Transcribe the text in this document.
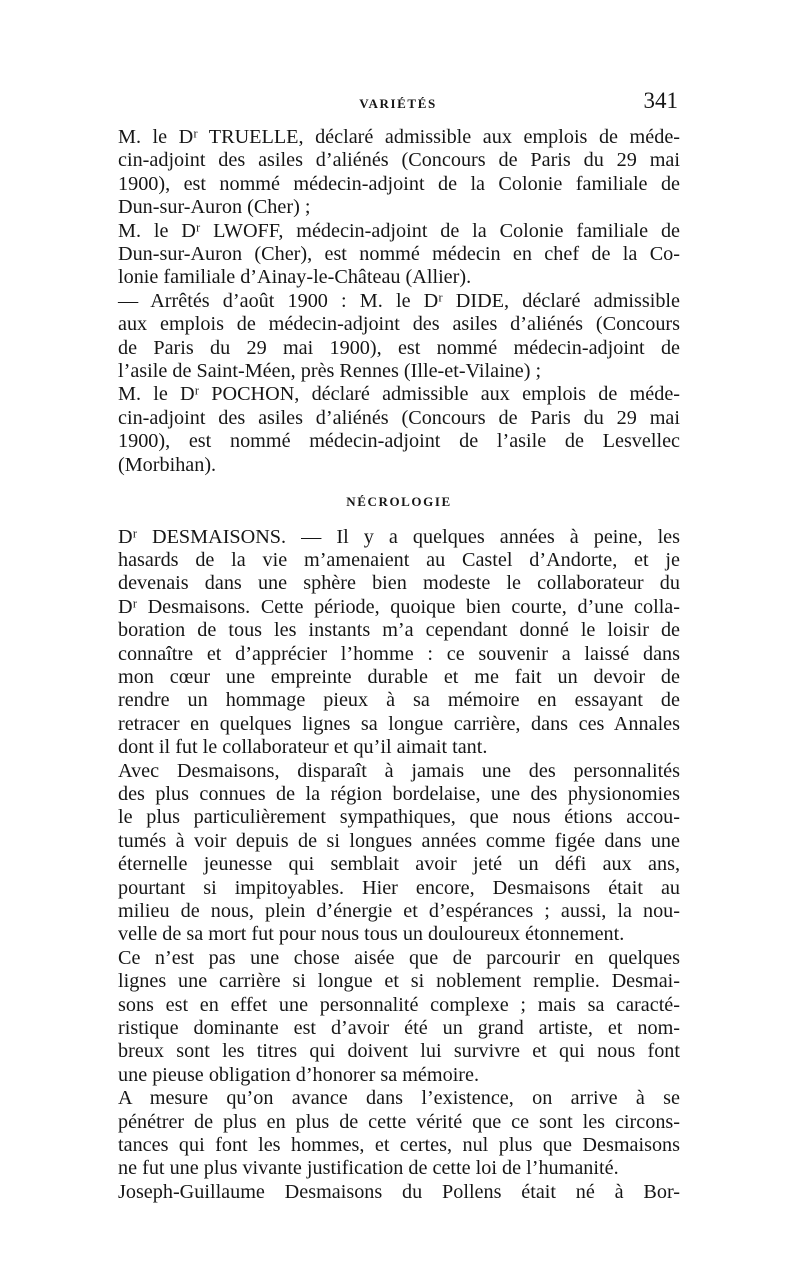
VARIÉTÉS	341
M. le Dʳ TRUELLE, déclaré admissible aux emplois de méde-
cin-adjoint des asiles d’aliénés (Concours de Paris du 29 mai
1900), est nommé médecin-adjoint de la Colonie familiale de
Dun-sur-Auron (Cher) ;
M. le Dʳ LWOFF, médecin-adjoint de la Colonie familiale de
Dun-sur-Auron (Cher), est nommé médecin en chef de la Co-
lonie familiale d’Ainay-le-Château (Allier).
— Arrêtés d’août 1900 : M. le Dʳ DIDE, déclaré admissible
aux emplois de médecin-adjoint des asiles d’aliénés (Concours
de Paris du 29 mai 1900), est nommé médecin-adjoint de
l’asile de Saint-Méen, près Rennes (Ille-et-Vilaine) ;
M. le Dʳ POCHON, déclaré admissible aux emplois de méde-
cin-adjoint des asiles d’aliénés (Concours de Paris du 29 mai
1900), est nommé médecin-adjoint de l’asile de Lesvellec
(Morbihan).
NÉCROLOGIE
Dʳ DESMAISONS. — Il y a quelques années à peine, les
hasards de la vie m’amenaient au Castel d’Andorte, et je
devenais dans une sphère bien modeste le collaborateur du
Dʳ Desmaisons. Cette période, quoique bien courte, d’une colla-
boration de tous les instants m’a cependant donné le loisir de
connaître et d’apprécier l’homme : ce souvenir a laissé dans
mon cœur une empreinte durable et me fait un devoir de
rendre un hommage pieux à sa mémoire en essayant de
retracer en quelques lignes sa longue carrière, dans ces Annales
dont il fut le collaborateur et qu’il aimait tant.
Avec Desmaisons, disparaît à jamais une des personnalités
des plus connues de la région bordelaise, une des physionomies
le plus particulièrement sympathiques, que nous étions accou-
tumés à voir depuis de si longues années comme figée dans une
éternelle jeunesse qui semblait avoir jeté un défi aux ans,
pourtant si impitoyables. Hier encore, Desmaisons était au
milieu de nous, plein d’énergie et d’espérances ; aussi, la nou-
velle de sa mort fut pour nous tous un douloureux étonnement.
Ce n’est pas une chose aisée que de parcourir en quelques
lignes une carrière si longue et si noblement remplie. Desmai-
sons est en effet une personnalité complexe ; mais sa caracté-
ristique dominante est d’avoir été un grand artiste, et nom-
breux sont les titres qui doivent lui survivre et qui nous font
une pieuse obligation d’honorer sa mémoire.
A mesure qu’on avance dans l’existence, on arrive à se
pénétrer de plus en plus de cette vérité que ce sont les circons-
tances qui font les hommes, et certes, nul plus que Desmaisons
ne fut une plus vivante justification de cette loi de l’humanité.
Joseph-Guillaume Desmaisons du Pollens était né à Bor-
